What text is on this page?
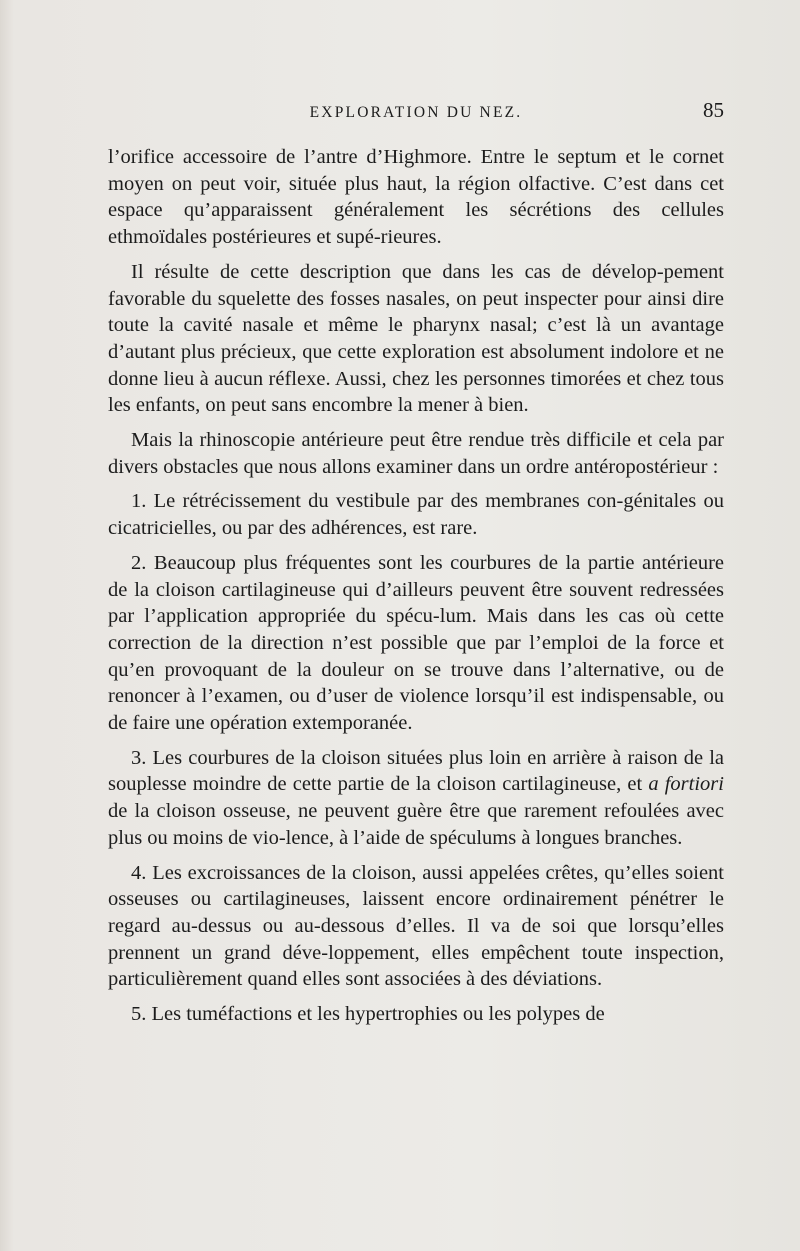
EXPLORATION DU NEZ.	85

l’orifice accessoire de l’antre d’Highmore. Entre le septum et le cornet moyen on peut voir, située plus haut, la région olfactive. C’est dans cet espace qu’apparaissent généralement les sécrétions des cellules ethmoïdales postérieures et supé-rieures.

Il résulte de cette description que dans les cas de dévelop-pement favorable du squelette des fosses nasales, on peut inspecter pour ainsi dire toute la cavité nasale et même le pharynx nasal; c’est là un avantage d’autant plus précieux, que cette exploration est absolument indolore et ne donne lieu à aucun réflexe. Aussi, chez les personnes timorées et chez tous les enfants, on peut sans encombre la mener à bien.

Mais la rhinoscopie antérieure peut être rendue très difficile et cela par divers obstacles que nous allons examiner dans un ordre antéropostérieur :

1. Le rétrécissement du vestibule par des membranes con-génitales ou cicatricielles, ou par des adhérences, est rare.

2. Beaucoup plus fréquentes sont les courbures de la partie antérieure de la cloison cartilagineuse qui d’ailleurs peuvent être souvent redressées par l’application appropriée du spécu-lum. Mais dans les cas où cette correction de la direction n’est possible que par l’emploi de la force et qu’en provoquant de la douleur on se trouve dans l’alternative, ou de renoncer à l’examen, ou d’user de violence lorsqu’il est indispensable, ou de faire une opération extemporanée.

3. Les courbures de la cloison situées plus loin en arrière à raison de la souplesse moindre de cette partie de la cloison cartilagineuse, et a fortiori de la cloison osseuse, ne peuvent guère être que rarement refoulées avec plus ou moins de vio-lence, à l’aide de spéculums à longues branches.

4. Les excroissances de la cloison, aussi appelées crêtes, qu’elles soient osseuses ou cartilagineuses, laissent encore ordinairement pénétrer le regard au-dessus ou au-dessous d’elles. Il va de soi que lorsqu’elles prennent un grand déve-loppement, elles empêchent toute inspection, particulièrement quand elles sont associées à des déviations.

5. Les tuméfactions et les hypertrophies ou les polypes de
